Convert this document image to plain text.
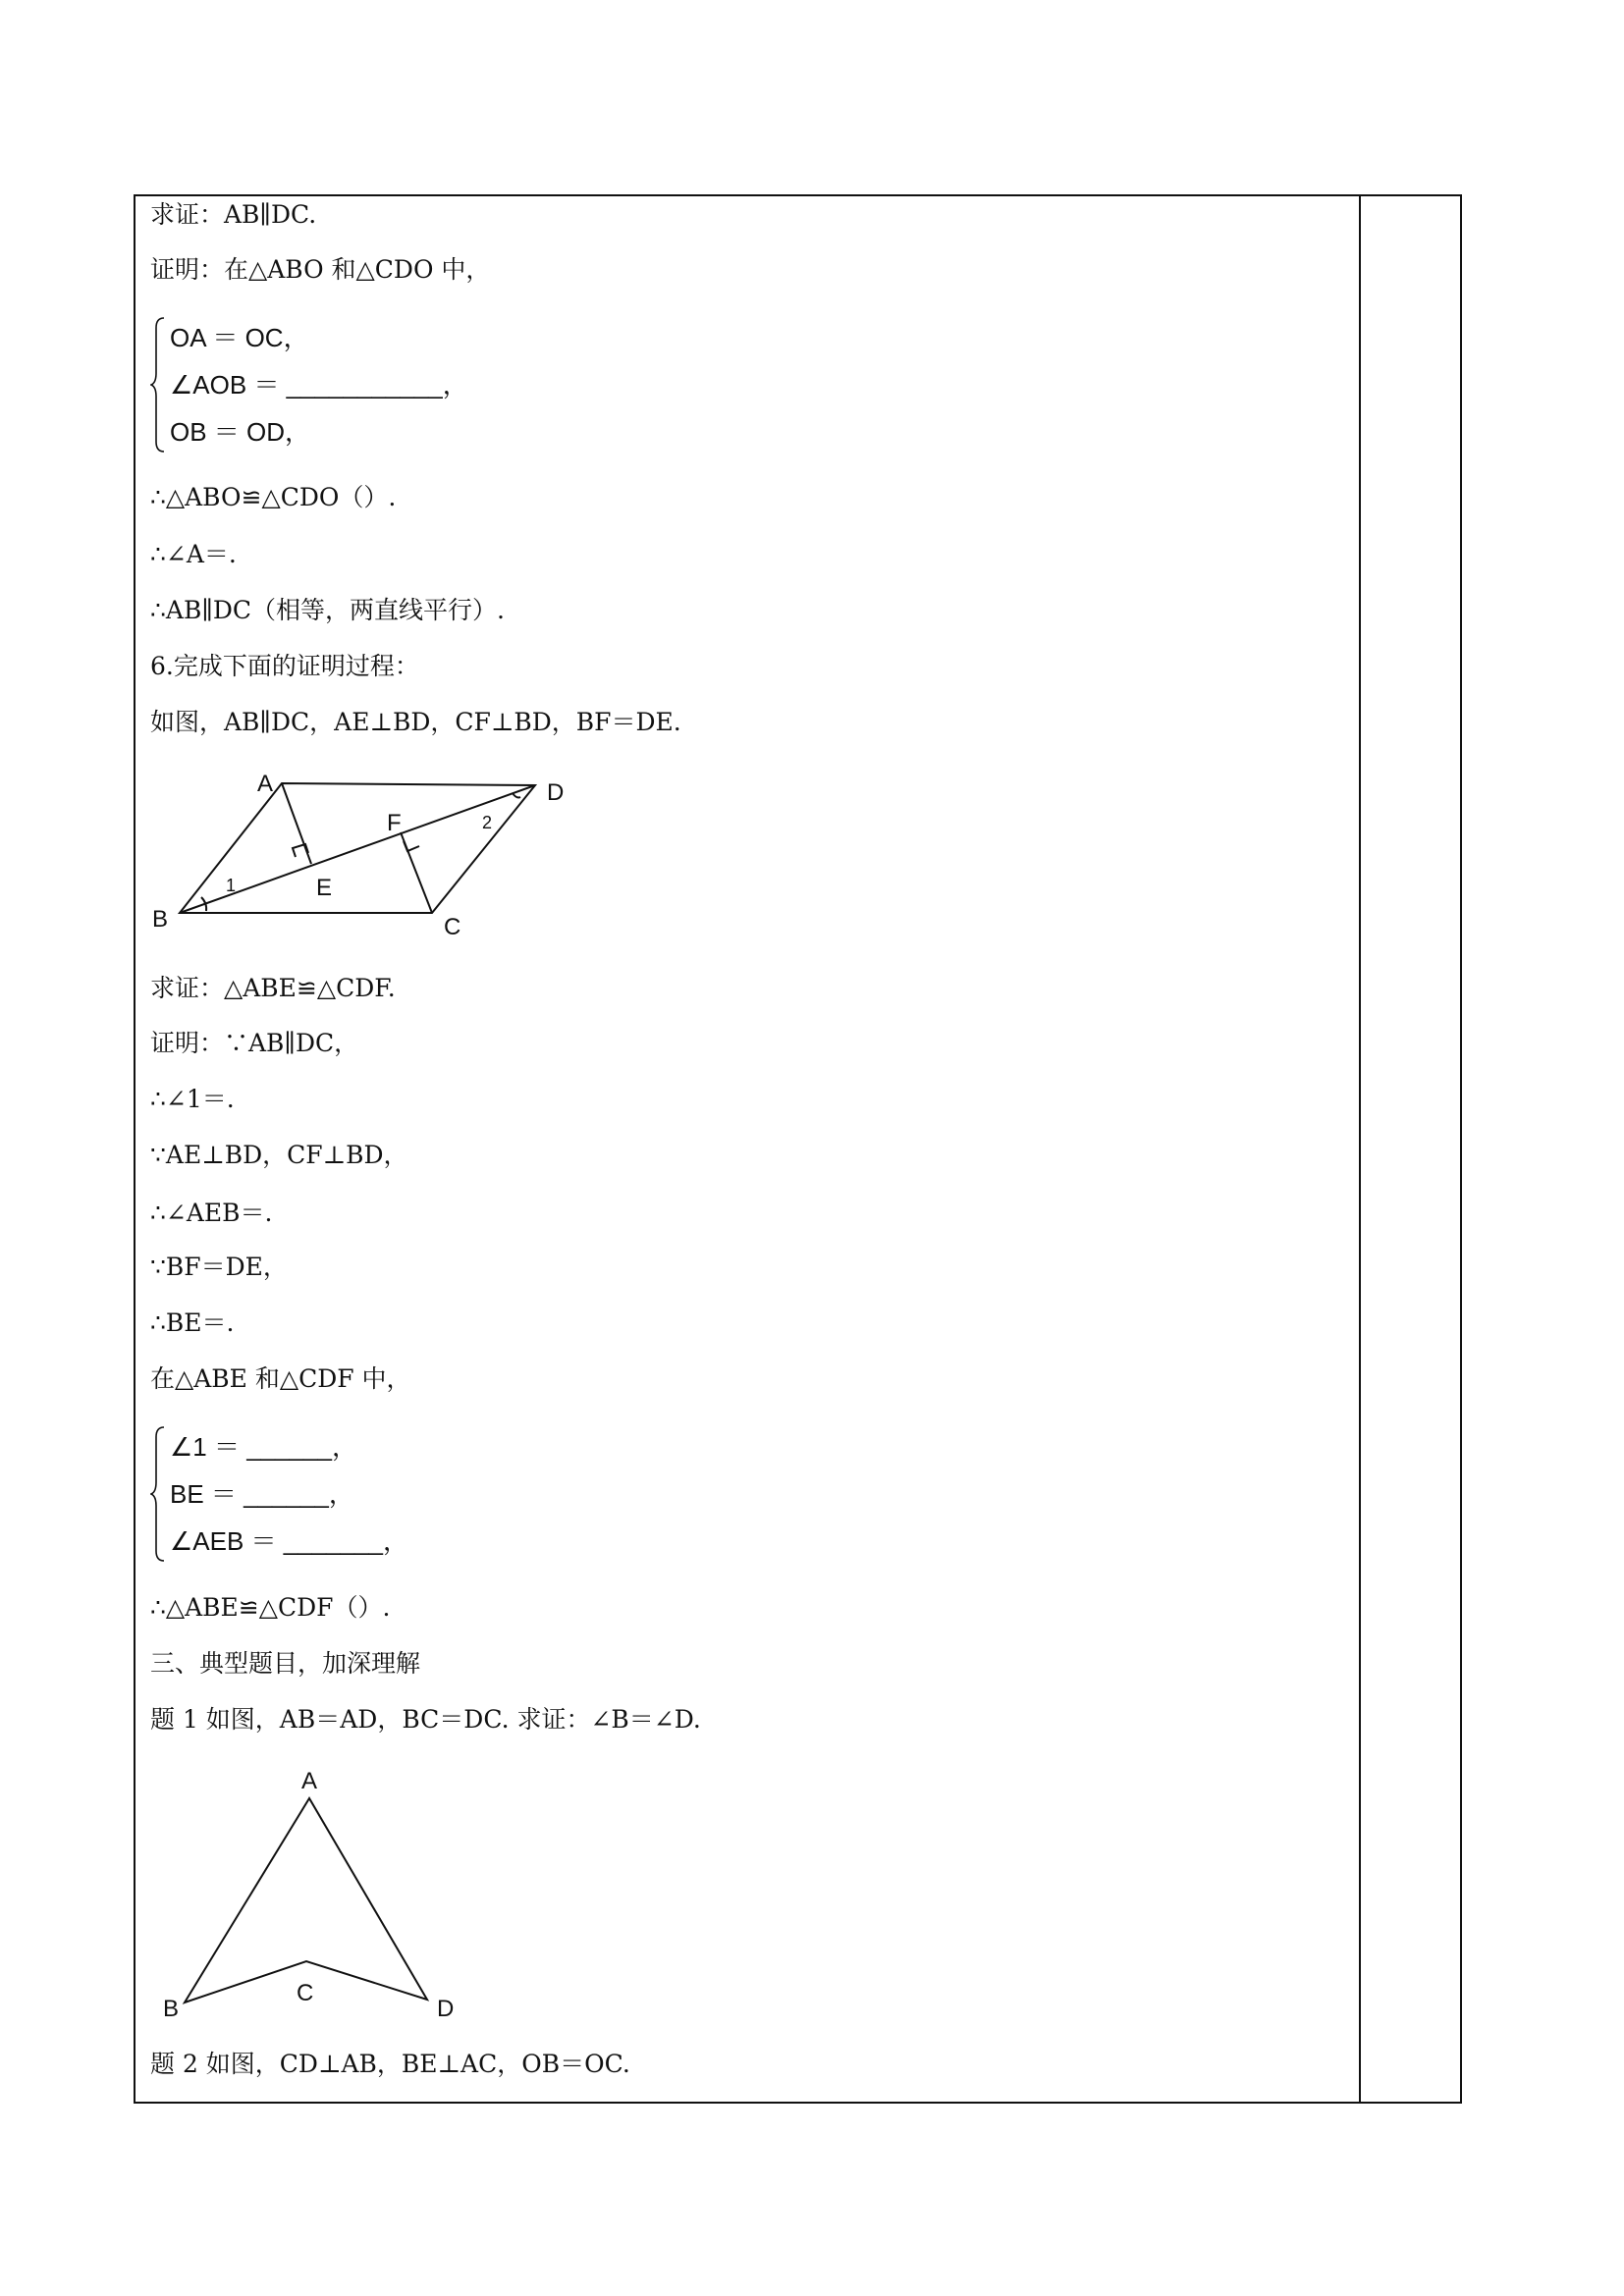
求证：AB∥DC.
证明：在△ABO 和△CDO 中，
OA ＝ OC，
∠AOB ＝ ___________，
OB ＝ OD，
∴△ABO≌△CDO（）.
∴∠A＝.
∴AB∥DC（相等，两直线平行）.
6.完成下面的证明过程：
如图，AB∥DC，AE⊥BD，CF⊥BD，BF＝DE.
A
B	C
D
E
F
1
2
A
B
C
D
求证：△ABE≌△CDF.
证明：∵AB∥DC，
∴∠1＝.
∵AE⊥BD，CF⊥BD，
∴∠AEB＝.
∵BF＝DE，
∴BE＝.
在△ABE 和△CDF 中，
∠1 ＝ ______，
BE ＝ ______，
∠AEB ＝ _______，
∴△ABE≌△CDF（）.
三、典型题目，加深理解
题 1 如图，AB＝AD，BC＝DC. 求证：∠B＝∠D.
题 2 如图，CD⊥AB，BE⊥AC，OB＝OC.
